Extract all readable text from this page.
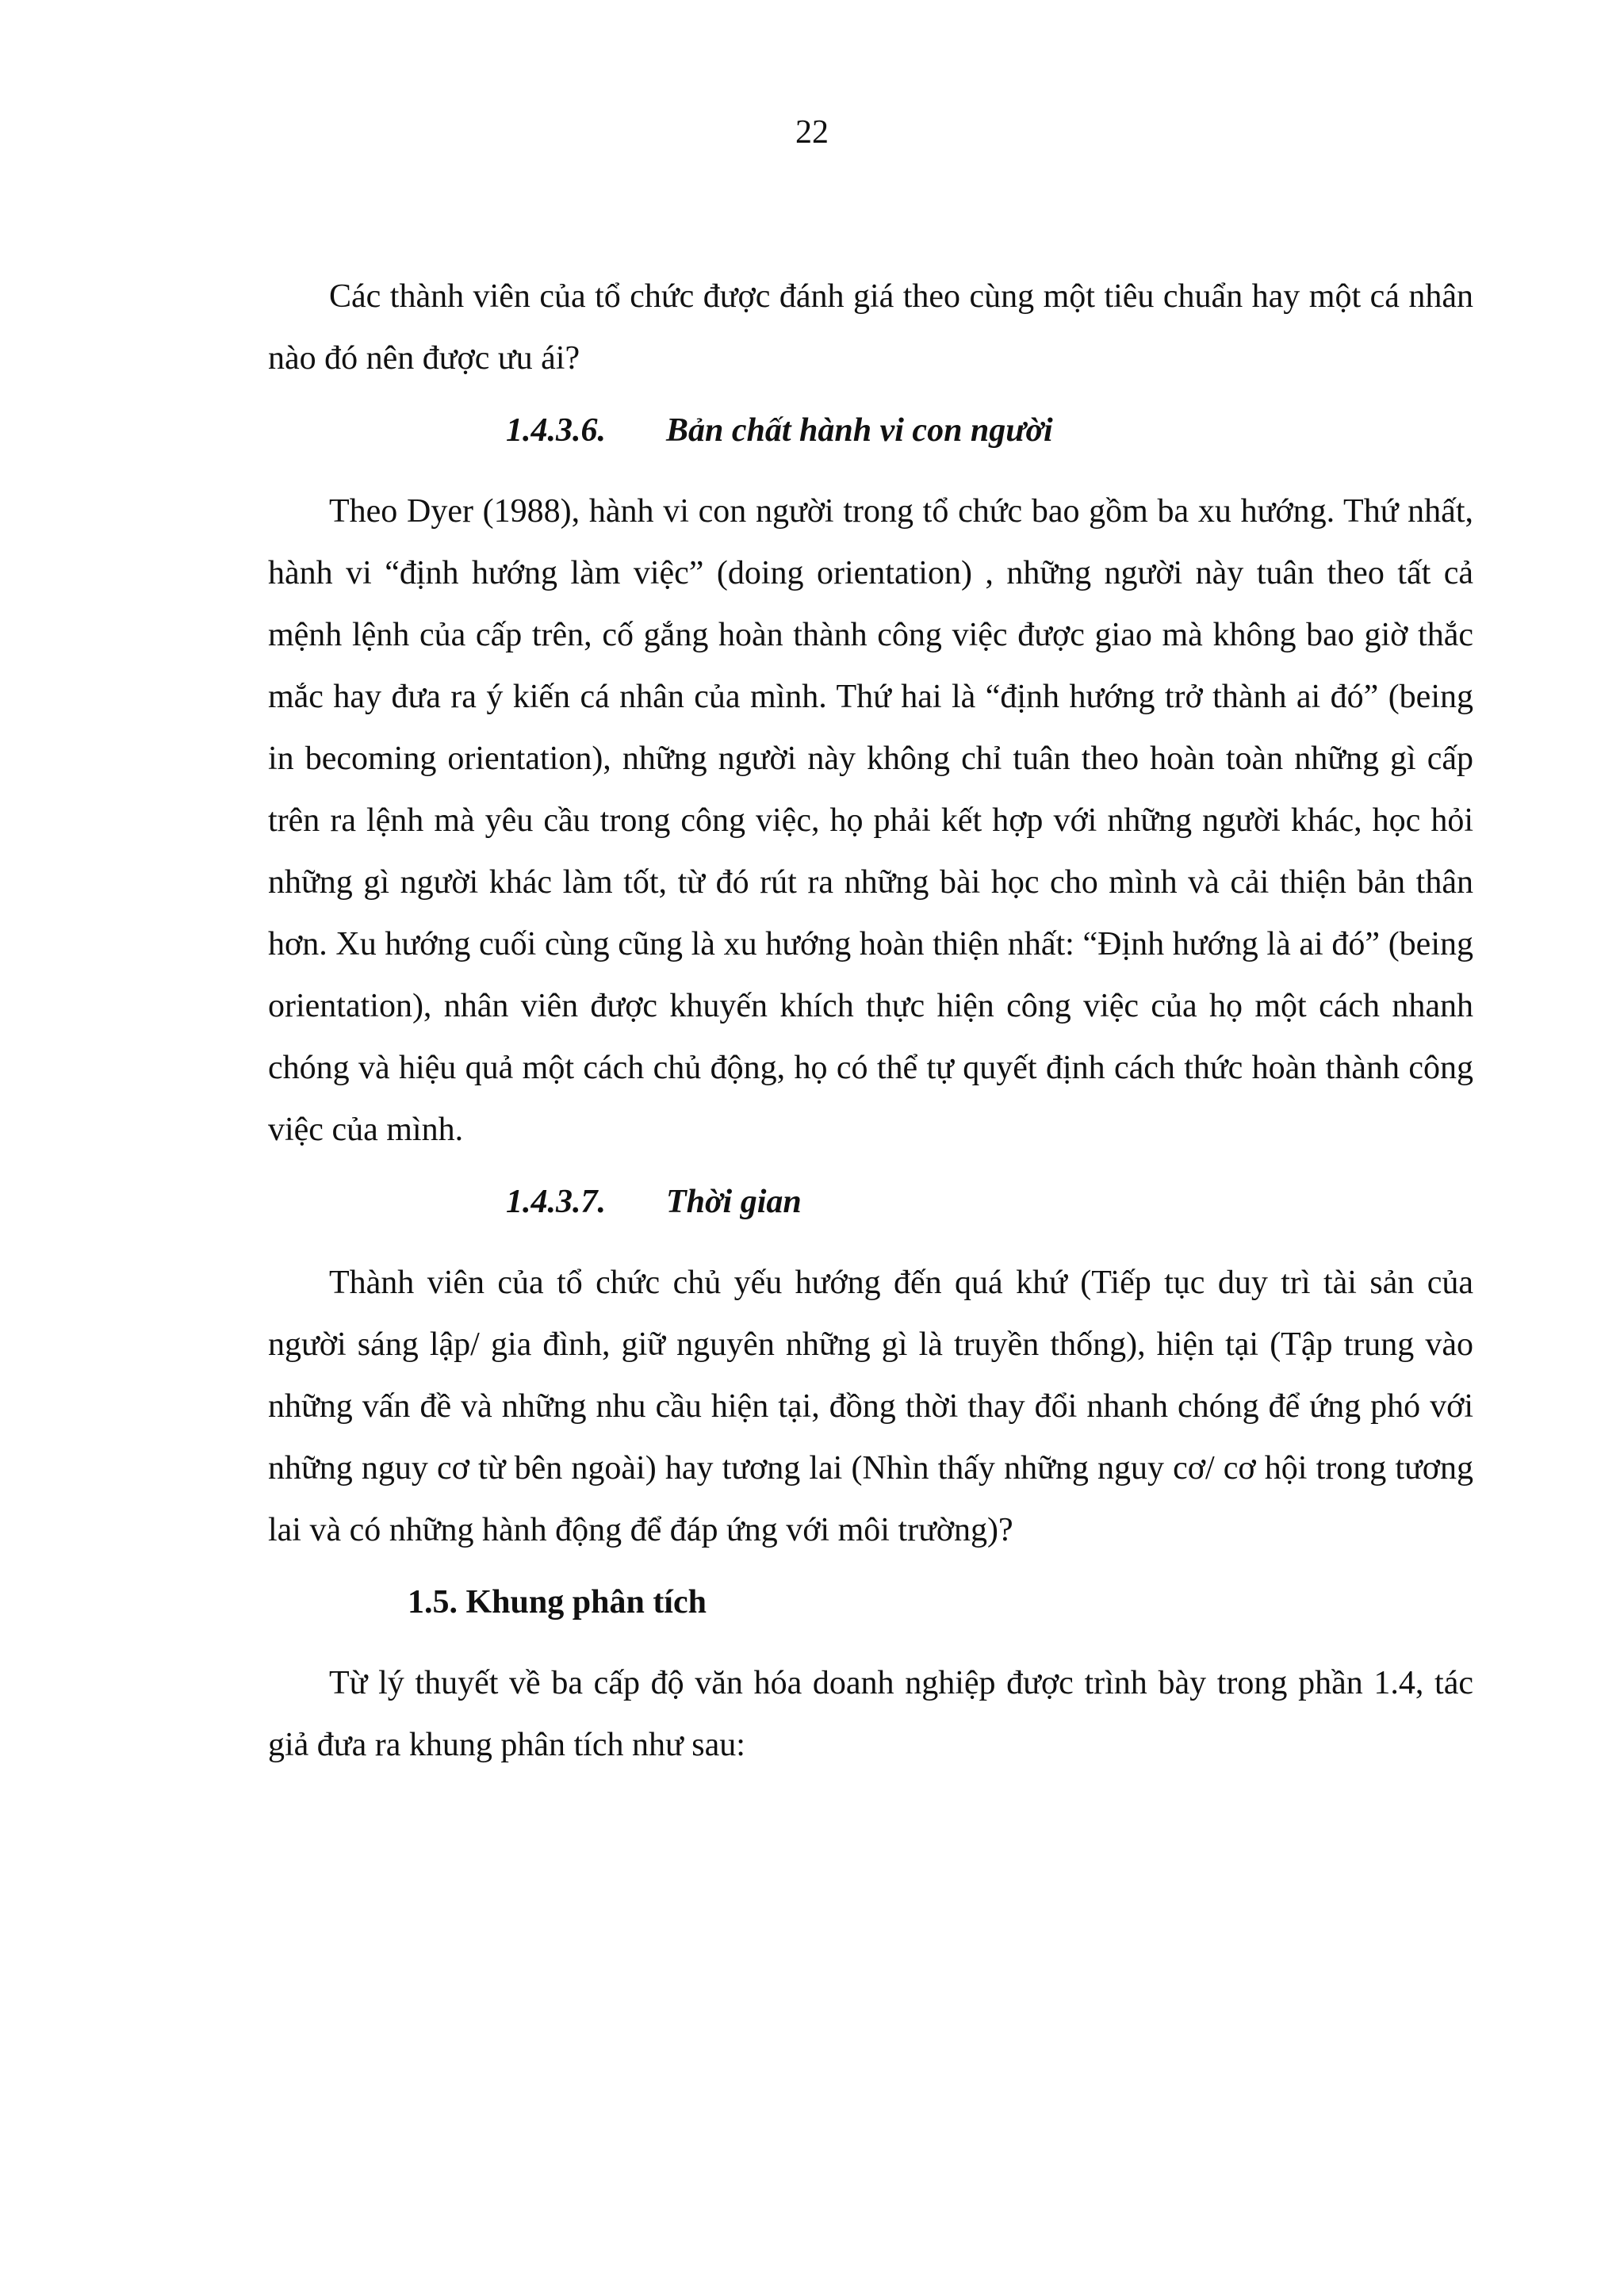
22

Các thành viên của tổ chức được đánh giá theo cùng một tiêu chuẩn hay một cá nhân nào đó nên được ưu ái?

1.4.3.6. Bản chất hành vi con người

Theo Dyer (1988), hành vi con người trong tổ chức bao gồm ba xu hướng. Thứ nhất, hành vi “định hướng làm việc” (doing orientation) , những người này tuân theo tất cả mệnh lệnh của cấp trên, cố gắng hoàn thành công việc được giao mà không bao giờ thắc mắc hay đưa ra ý kiến cá nhân của mình. Thứ hai là “định hướng trở thành ai đó” (being in becoming orientation), những người này không chỉ tuân theo hoàn toàn những gì cấp trên ra lệnh mà yêu cầu trong công việc, họ phải kết hợp với những người khác, học hỏi những gì người khác làm tốt, từ đó rút ra những bài học cho mình và cải thiện bản thân hơn. Xu hướng cuối cùng cũng là xu hướng hoàn thiện nhất: “Định hướng là ai đó” (being orientation), nhân viên được khuyến khích thực hiện công việc của họ một cách nhanh chóng và hiệu quả một cách chủ động, họ có thể tự quyết định cách thức hoàn thành công việc của mình.

1.4.3.7. Thời gian

Thành viên của tổ chức chủ yếu hướng đến quá khứ (Tiếp tục duy trì tài sản của người sáng lập/ gia đình, giữ nguyên những gì là truyền thống), hiện tại (Tập trung vào những vấn đề và những nhu cầu hiện tại, đồng thời thay đổi nhanh chóng để ứng phó với những nguy cơ từ bên ngoài) hay tương lai (Nhìn thấy những nguy cơ/ cơ hội trong tương lai và có những hành động để đáp ứng với môi trường)?

1.5. Khung phân tích

Từ lý thuyết về ba cấp độ văn hóa doanh nghiệp được trình bày trong phần 1.4, tác giả đưa ra khung phân tích như sau:
